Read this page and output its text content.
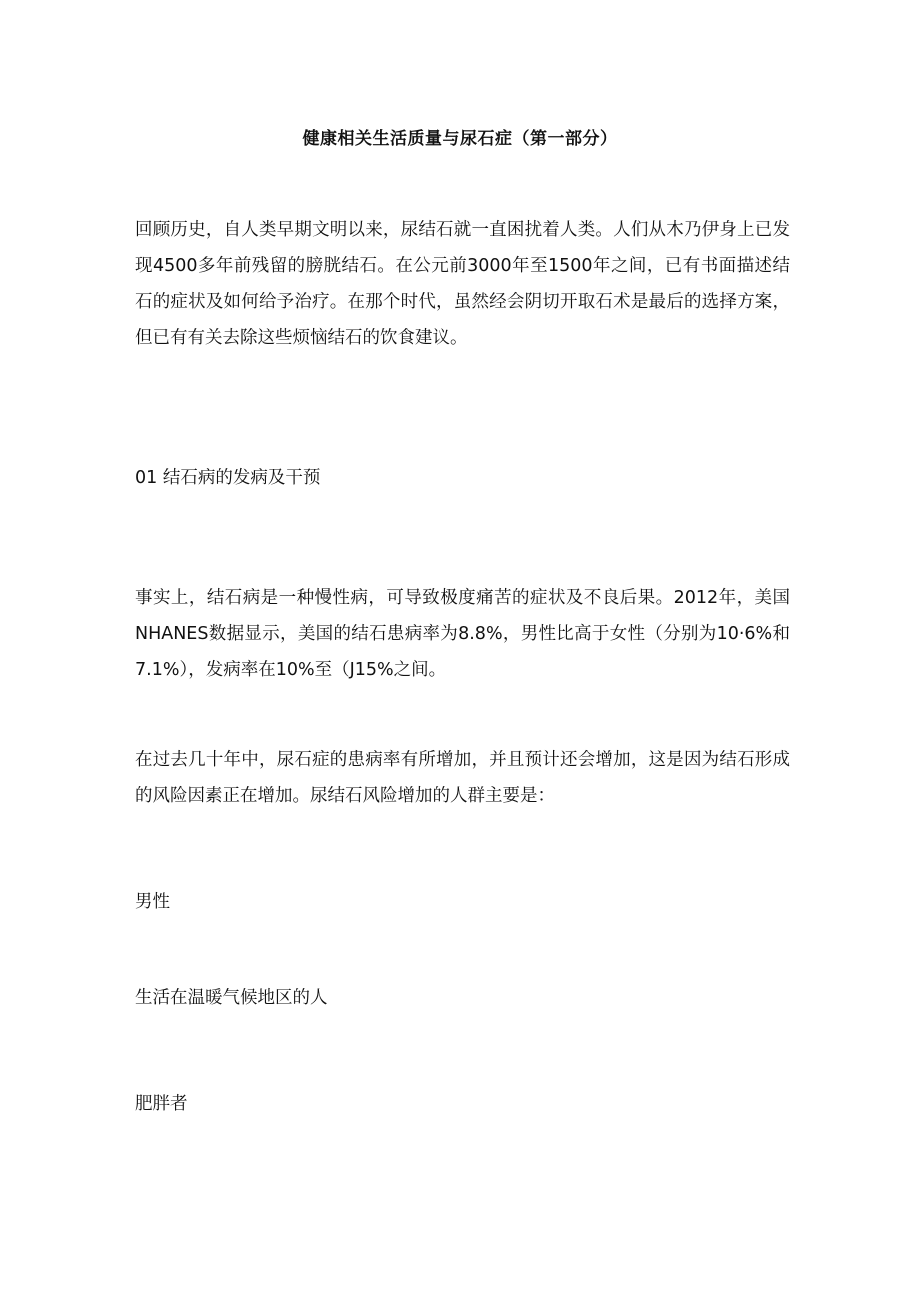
健康相关生活质量与尿石症（第一部分）

回顾历史，自人类早期文明以来，尿结石就一直困扰着人类。人们从木乃伊身上已发现4500多年前残留的膀胱结石。在公元前3000年至1500年之间，已有书面描述结石的症状及如何给予治疗。在那个时代，虽然经会阴切开取石术是最后的选择方案，但已有有关去除这些烦恼结石的饮食建议。

01 结石病的发病及干预

事实上，结石病是一种慢性病，可导致极度痛苦的症状及不良后果。2012年，美国NHANES数据显示，美国的结石患病率为8.8%，男性比高于女性（分别为10·6%和7.1%），发病率在10%至（J15%之间。

在过去几十年中，尿石症的患病率有所增加，并且预计还会增加，这是因为结石形成的风险因素正在增加。尿结石风险增加的人群主要是：

男性

生活在温暖气候地区的人

肥胖者
